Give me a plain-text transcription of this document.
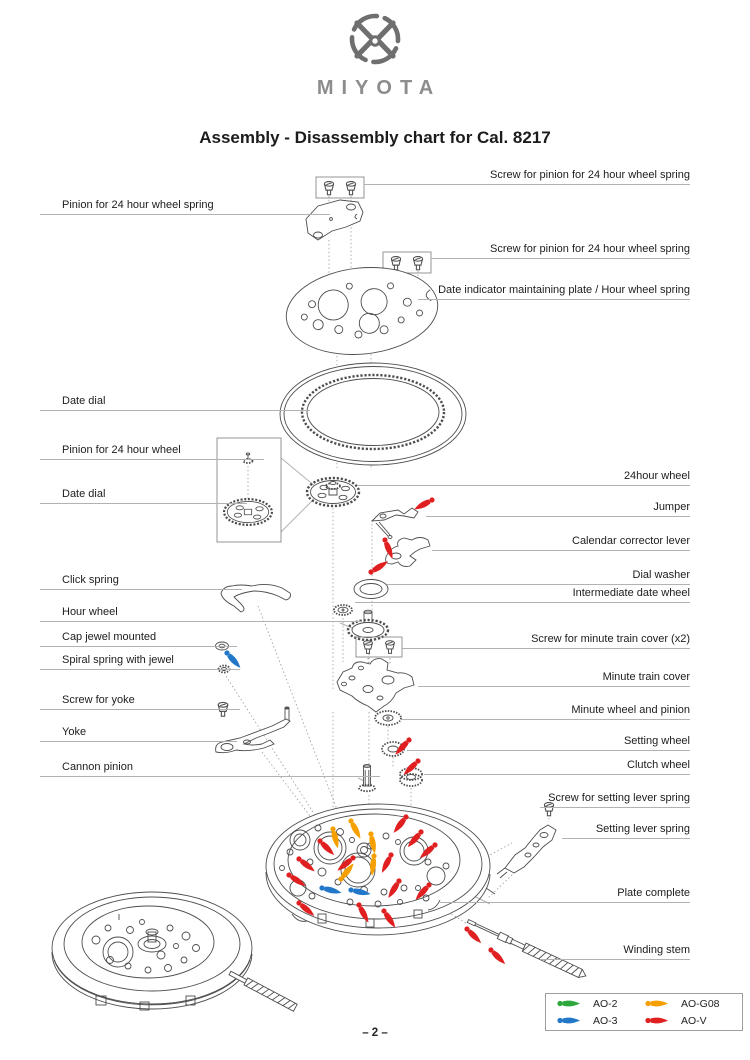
MIYOTA
Assembly - Disassembly chart for Cal. 8217
Pinion for 24 hour wheel spring
Date dial
Pinion for 24 hour wheel
Date dial
Click spring
Hour wheel
Cap jewel mounted
Spiral spring with jewel
Screw for yoke
Yoke
Cannon pinion
Screw for pinion for 24 hour wheel spring
Screw for pinion for 24 hour wheel spring
Date indicator maintaining plate / Hour wheel spring
24hour wheel
Jumper
Calendar corrector lever
Dial washer
Intermediate date wheel
Screw for minute train cover (x2)
Minute train cover
Minute wheel and pinion
Setting wheel
Clutch wheel
Screw for setting lever spring
Setting lever spring
Plate complete
Winding stem
AO-2	AO-G08
AO-3	AO-V
– 2 –
